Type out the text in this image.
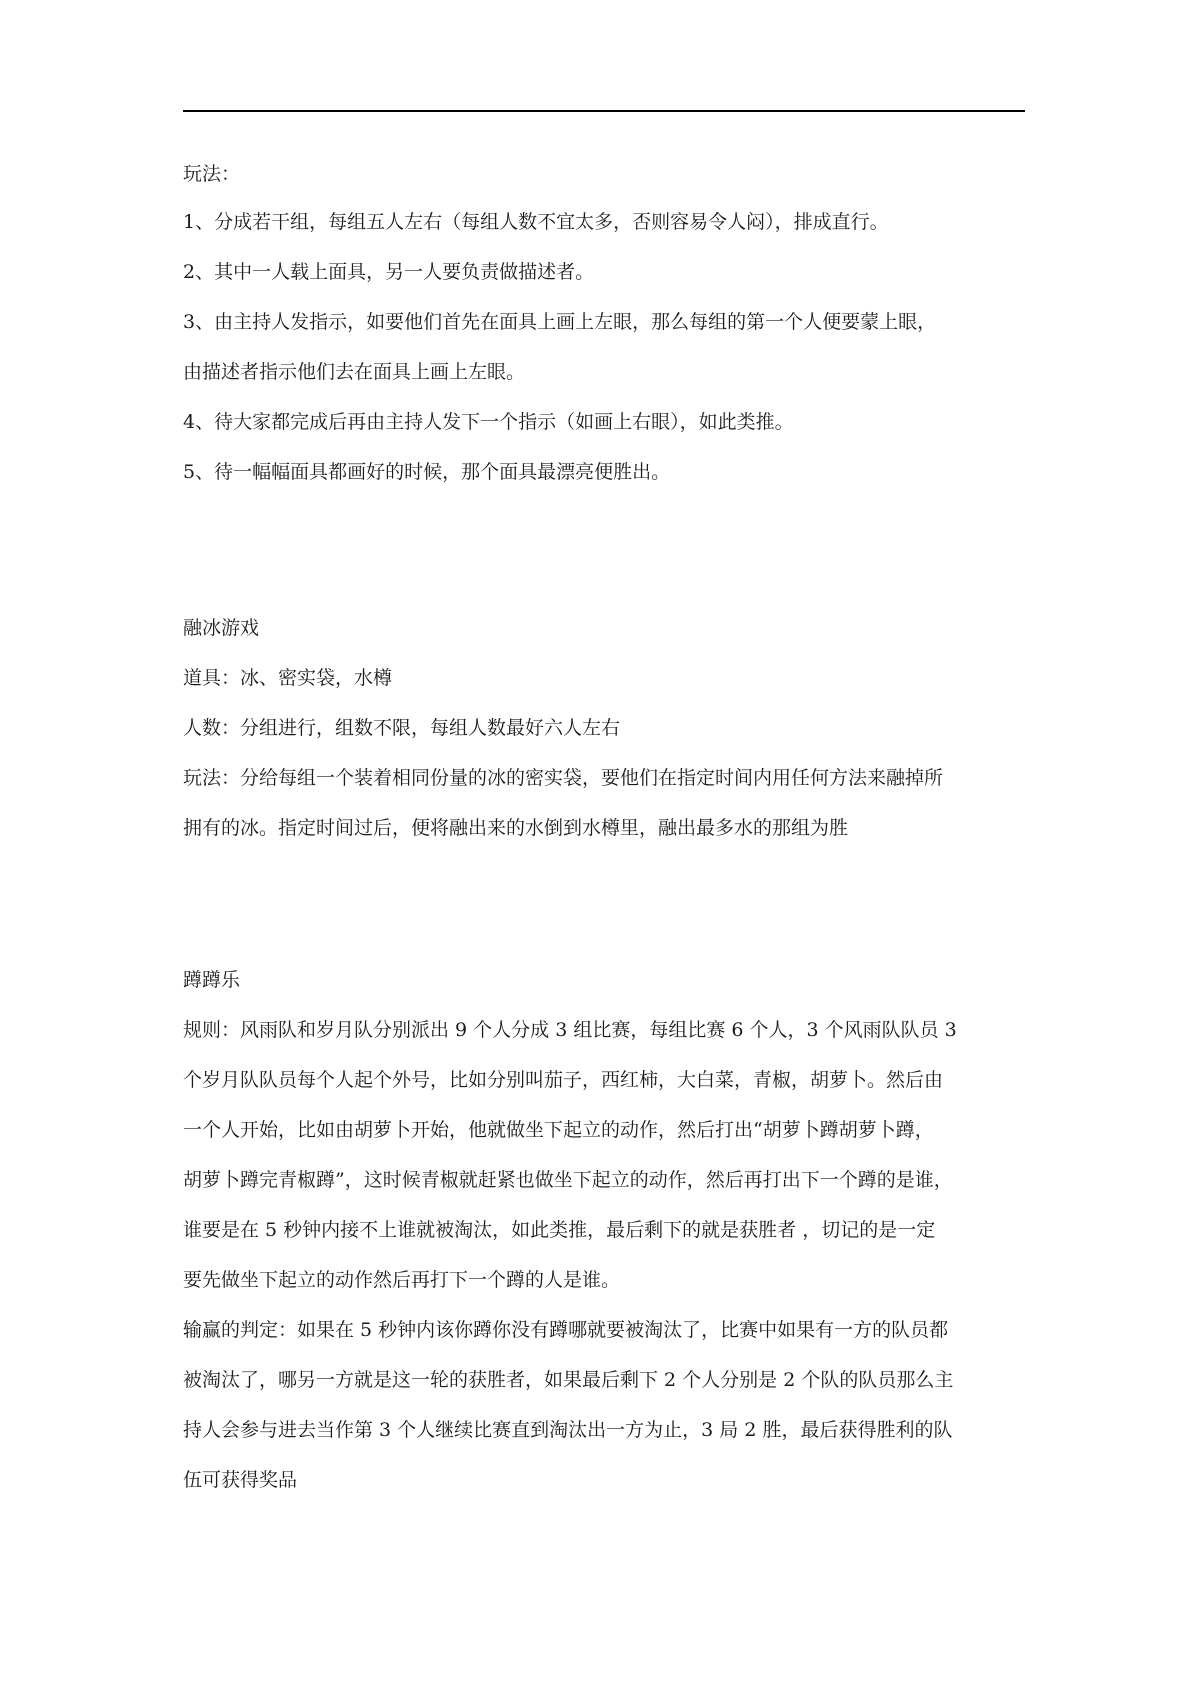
玩法：
1、分成若干组，每组五人左右（每组人数不宜太多，否则容易令人闷），排成直行。
2、其中一人载上面具，另一人要负责做描述者。
3、由主持人发指示，如要他们首先在面具上画上左眼，那么每组的第一个人便要蒙上眼，
由描述者指示他们去在面具上画上左眼。
4、待大家都完成后再由主持人发下一个指示（如画上右眼），如此类推。
5、待一幅幅面具都画好的时候，那个面具最漂亮便胜出。
融冰游戏
道具：冰、密实袋，水樽
人数：分组进行，组数不限，每组人数最好六人左右
玩法：分给每组一个装着相同份量的冰的密实袋，要他们在指定时间内用任何方法来融掉所
拥有的冰。指定时间过后，便将融出来的水倒到水樽里，融出最多水的那组为胜
蹲蹲乐
规则：风雨队和岁月队分别派出 9 个人分成 3 组比赛，每组比赛 6 个人，3 个风雨队队员 3
个岁月队队员每个人起个外号，比如分别叫茄子，西红柿，大白菜，青椒，胡萝卜。然后由
一个人开始，比如由胡萝卜开始，他就做坐下起立的动作，然后打出“胡萝卜蹲胡萝卜蹲，
胡萝卜蹲完青椒蹲”，这时候青椒就赶紧也做坐下起立的动作，然后再打出下一个蹲的是谁，
谁要是在 5 秒钟内接不上谁就被淘汰，如此类推，最后剩下的就是获胜者 ，切记的是一定
要先做坐下起立的动作然后再打下一个蹲的人是谁。
输赢的判定：如果在 5 秒钟内该你蹲你没有蹲哪就要被淘汰了，比赛中如果有一方的队员都
被淘汰了，哪另一方就是这一轮的获胜者，如果最后剩下 2 个人分别是 2 个队的队员那么主
持人会参与进去当作第 3 个人继续比赛直到淘汰出一方为止，3 局 2 胜，最后获得胜利的队
伍可获得奖品
